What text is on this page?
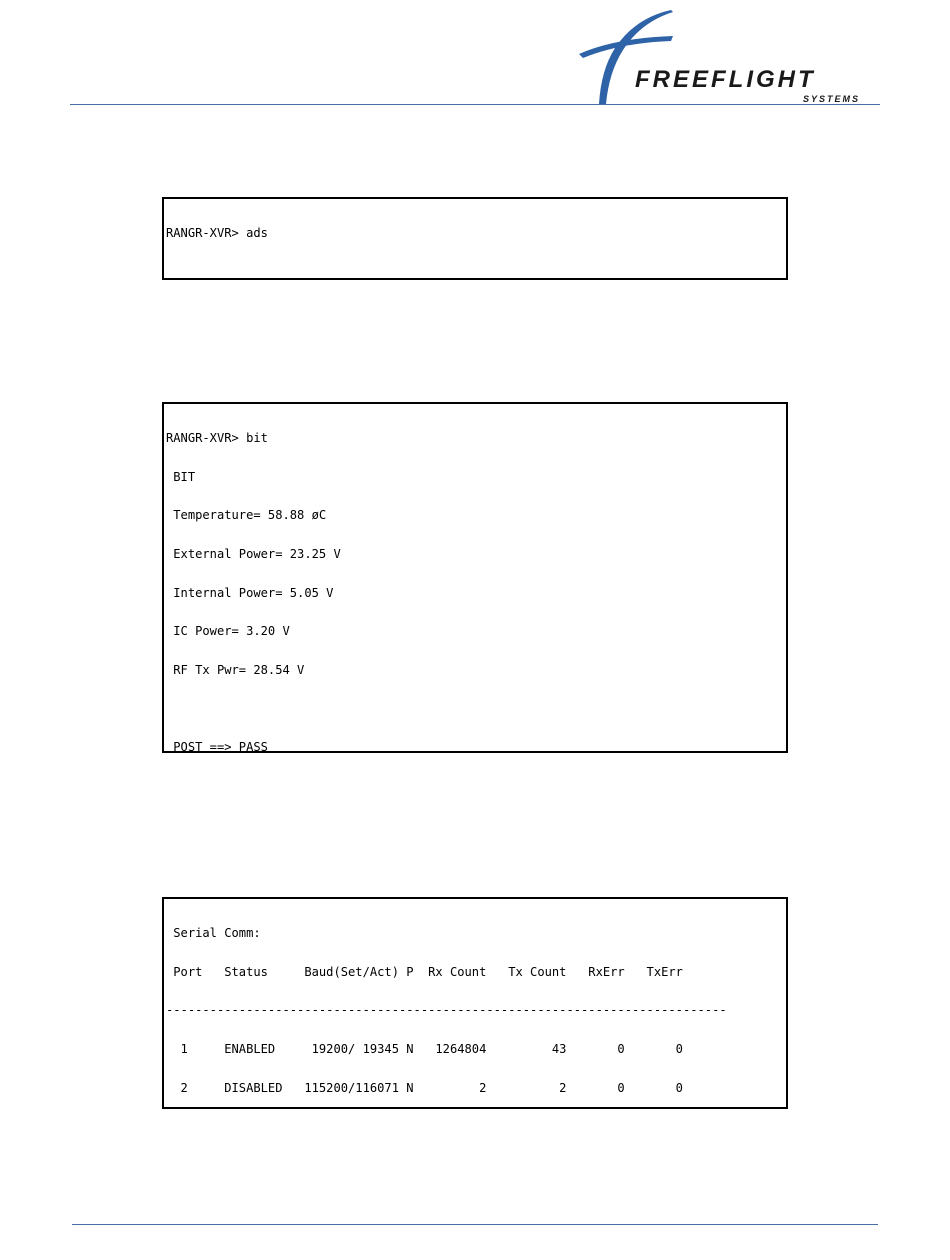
FREEFLIGHT
SYSTEMS

RANGR-XVR> ads

RANGR-XVR> bit

BIT

Temperature= 58.88 øC

External Power= 23.25 V

Internal Power= 5.05 V

IC Power= 3.20 V

RF Tx Pwr= 28.54 V

POST ==> PASS

Serial Comm:

Port   Status     Baud(Set/Act) P  Rx Count   Tx Count   RxErr   TxErr

-----------------------------------------------------------------------------

1     ENABLED     19200/ 19345 N   1264804         43       0       0

2     DISABLED   115200/116071 N         2          2       0       0
